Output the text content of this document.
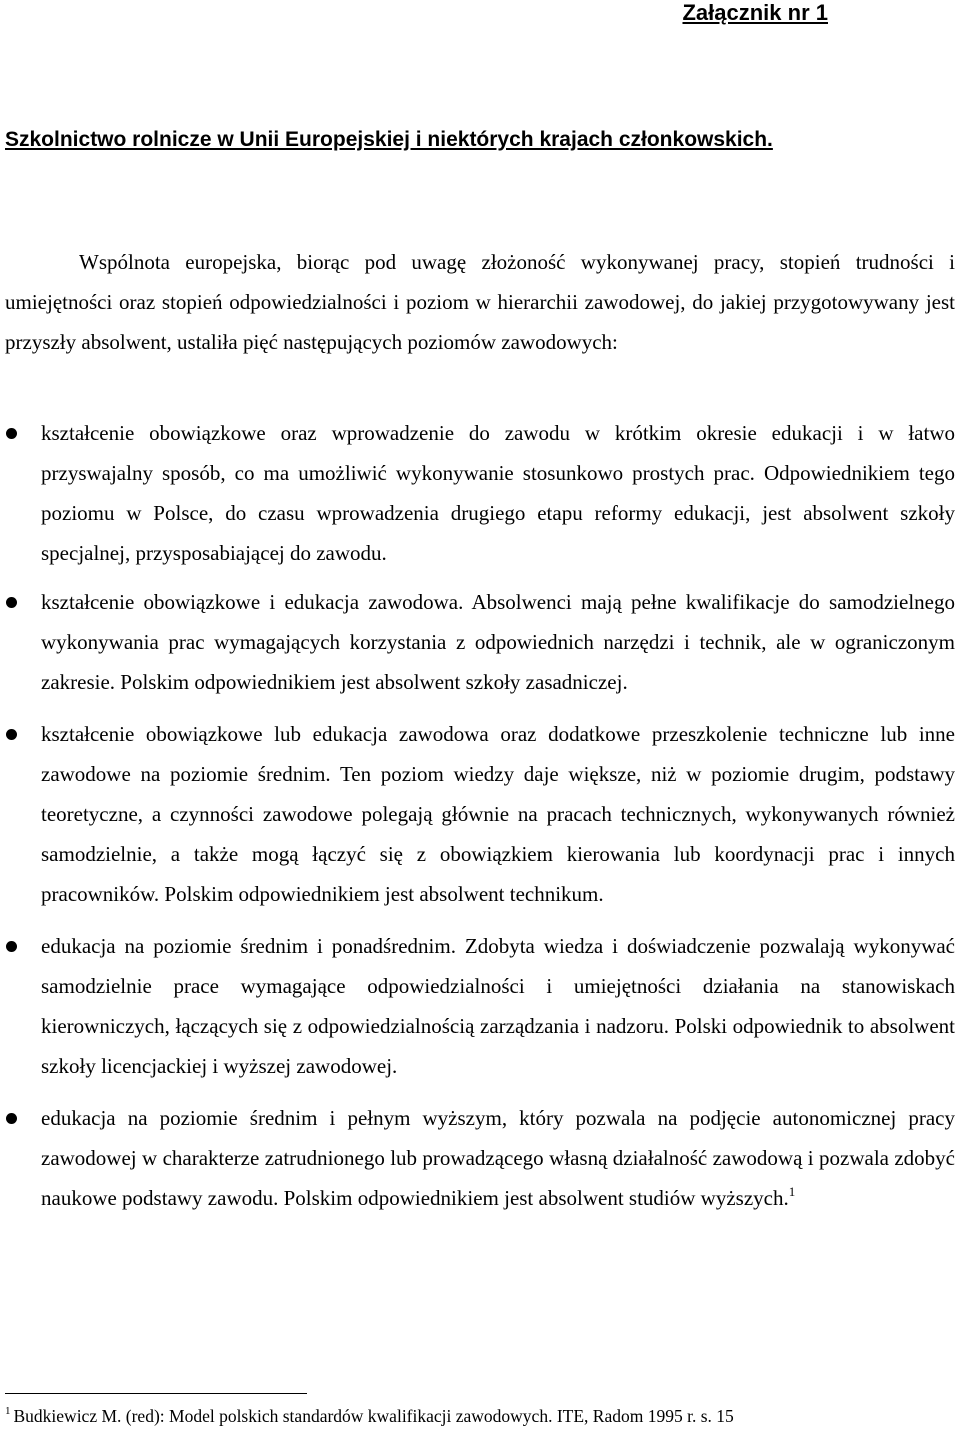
Załącznik nr 1
Szkolnictwo rolnicze w Unii Europejskiej i niektórych krajach członkowskich.

Wspólnota europejska, biorąc pod uwagę złożoność wykonywanej pracy, stopień trudności i umiejętności oraz stopień odpowiedzialności i poziom w hierarchii zawodowej, do jakiej przygotowywany jest przyszły absolwent, ustaliła pięć następujących poziomów zawodowych:

kształcenie obowiązkowe oraz wprowadzenie do zawodu w krótkim okresie edukacji i w łatwo przyswajalny sposób, co ma umożliwić wykonywanie stosunkowo prostych prac. Odpowiednikiem tego poziomu w Polsce, do czasu wprowadzenia drugiego etapu reformy edukacji, jest absolwent szkoły specjalnej, przysposabiającej do zawodu.
kształcenie obowiązkowe i edukacja zawodowa. Absolwenci mają pełne kwalifikacje do samodzielnego wykonywania prac wymagających korzystania z odpowiednich narzędzi i technik, ale w ograniczonym zakresie. Polskim odpowiednikiem jest absolwent szkoły zasadniczej.
kształcenie obowiązkowe lub edukacja zawodowa oraz dodatkowe przeszkolenie techniczne lub inne zawodowe na poziomie średnim. Ten poziom wiedzy daje większe, niż w poziomie drugim, podstawy teoretyczne, a czynności zawodowe polegają głównie na pracach technicznych, wykonywanych również samodzielnie, a także mogą łączyć się z obowiązkiem kierowania lub koordynacji prac i innych pracowników. Polskim odpowiednikiem jest absolwent technikum.
edukacja na poziomie średnim i ponadśrednim. Zdobyta wiedza i doświadczenie pozwalają wykonywać samodzielnie prace wymagające odpowiedzialności i umiejętności działania na stanowiskach kierowniczych, łączących się z odpowiedzialnością zarządzania i nadzoru. Polski odpowiednik to absolwent szkoły licencjackiej i wyższej zawodowej.
edukacja na poziomie średnim i pełnym wyższym, który pozwala na podjęcie autonomicznej pracy zawodowej w charakterze zatrudnionego lub prowadzącego własną działalność zawodową i pozwala zdobyć naukowe podstawy zawodu. Polskim odpowiednikiem jest absolwent studiów wyższych.$^1$
$^1$ Budkiewicz M. (red): Model polskich standardów kwalifikacji zawodowych. ITE, Radom 1995 r. s. 15
